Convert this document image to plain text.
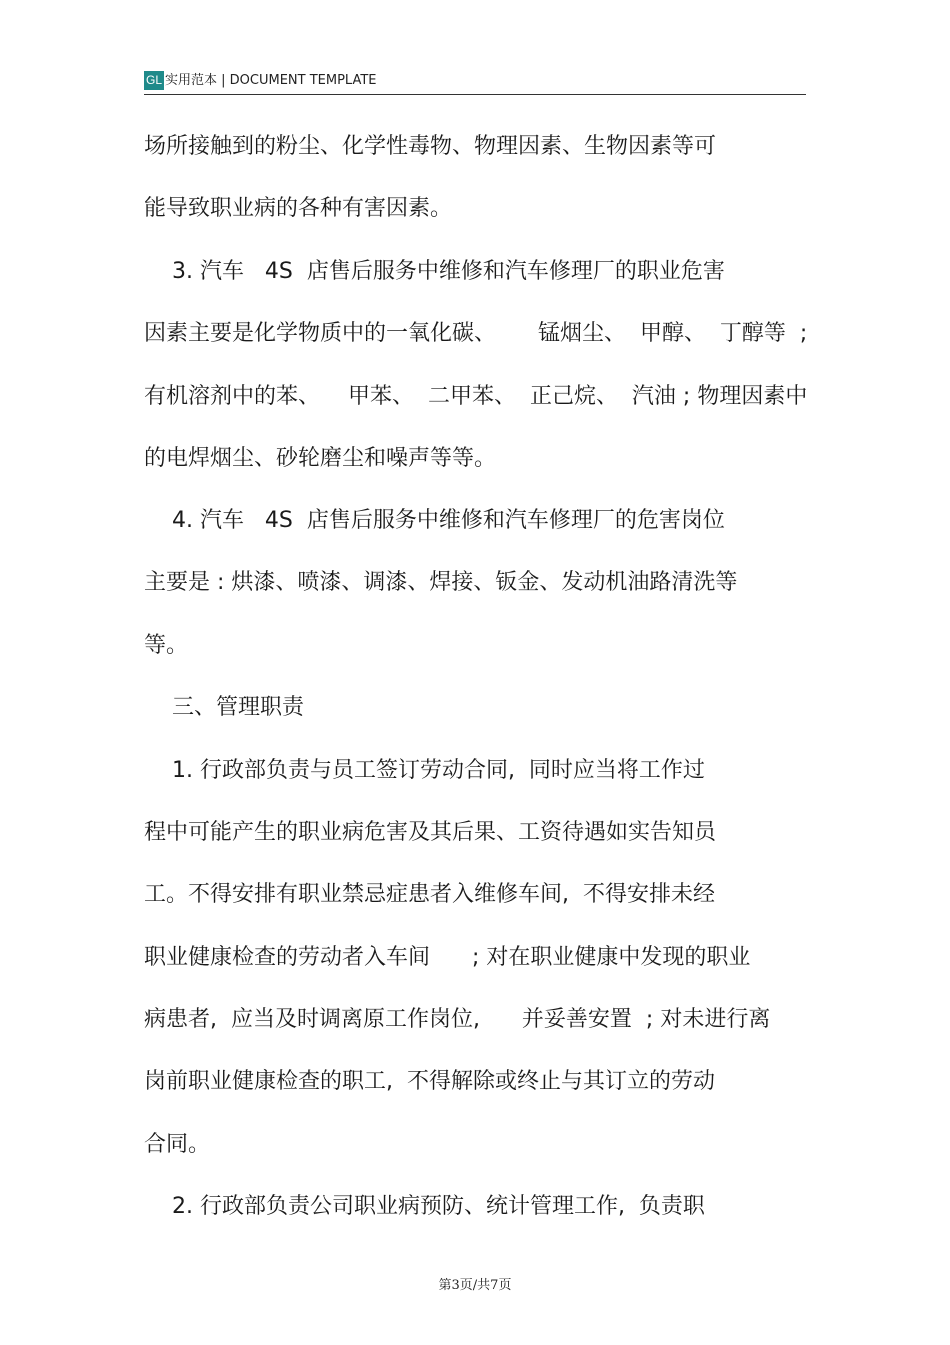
GL 实用范本 | DOCUMENT TEMPLATE
场所接触到的粉尘、化学性毒物、物理因素、生物因素等可
能导致职业病的各种有害因素。
3. 汽车   4S  店售后服务中维修和汽车修理厂的职业危害
因素主要是化学物质中的一氧化碳、      锰烟尘、  甲醇、  丁醇等  ;
有机溶剂中的苯、    甲苯、  二甲苯、  正己烷、  汽油 ; 物理因素中
的电焊烟尘、砂轮磨尘和噪声等等。
4. 汽车   4S  店售后服务中维修和汽车修理厂的危害岗位
主要是 : 烘漆、喷漆、调漆、焊接、钣金、发动机油路清洗等
等。
三、管理职责
1. 行政部负责与员工签订劳动合同,  同时应当将工作过
程中可能产生的职业病危害及其后果、工资待遇如实告知员
工。不得安排有职业禁忌症患者入维修车间,  不得安排未经
职业健康检查的劳动者入车间      ; 对在职业健康中发现的职业
病患者,  应当及时调离原工作岗位,      并妥善安置  ; 对未进行离
岗前职业健康检查的职工,  不得解除或终止与其订立的劳动
合同。
2. 行政部负责公司职业病预防、统计管理工作,  负责职
第3页/共7页
